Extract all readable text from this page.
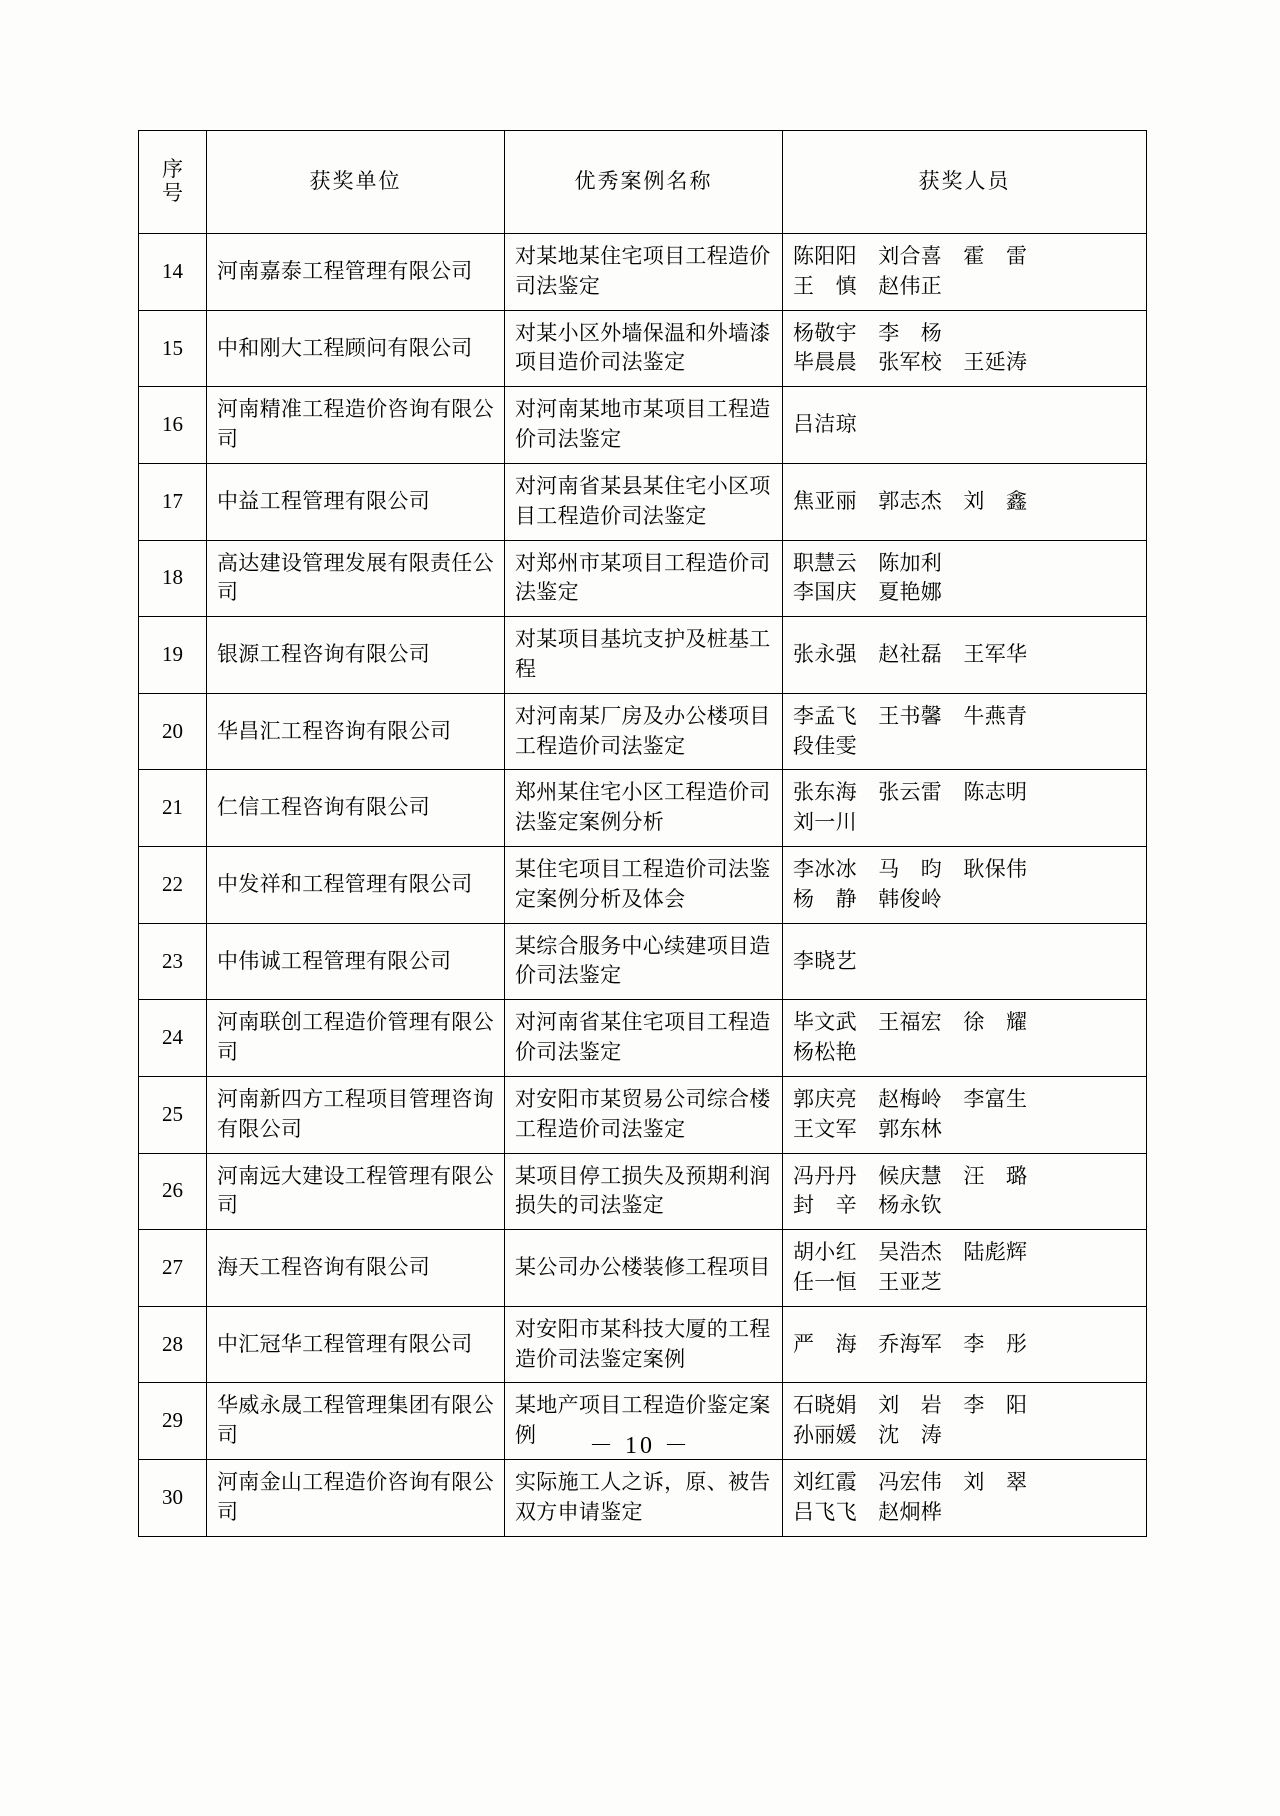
序
号	获奖单位	优秀案例名称	获奖人员
14	河南嘉泰工程管理有限公司	对某地某住宅项目工程造价司法鉴定	陈阳阳　刘合喜　霍　雷
王　慎　赵伟正

15	中和刚大工程顾问有限公司	对某小区外墙保温和外墙漆项目造价司法鉴定	杨敬宇　李　杨
毕晨晨　张军校　王延涛

16	河南精准工程造价咨询有限公司	对河南某地市某项目工程造价司法鉴定	吕洁琼

17	中益工程管理有限公司	对河南省某县某住宅小区项目工程造价司法鉴定	焦亚丽　郭志杰　刘　鑫

18	高达建设管理发展有限责任公司	对郑州市某项目工程造价司法鉴定	职慧云　陈加利
李国庆　夏艳娜

19	银源工程咨询有限公司	对某项目基坑支护及桩基工程	张永强　赵社磊　王军华

20	华昌汇工程咨询有限公司	对河南某厂房及办公楼项目工程造价司法鉴定	李孟飞　王书馨　牛燕青
段佳雯

21	仁信工程咨询有限公司	郑州某住宅小区工程造价司法鉴定案例分析	张东海　张云雷　陈志明
刘一川

22	中发祥和工程管理有限公司	某住宅项目工程造价司法鉴定案例分析及体会	李冰冰　马　昀　耿保伟
杨　静　韩俊岭

23	中伟诚工程管理有限公司	某综合服务中心续建项目造价司法鉴定	李晓艺

24	河南联创工程造价管理有限公司	对河南省某住宅项目工程造价司法鉴定	毕文武　王福宏　徐　耀
杨松艳

25	河南新四方工程项目管理咨询有限公司	对安阳市某贸易公司综合楼工程造价司法鉴定	郭庆亮　赵梅岭　李富生
王文军　郭东林

26	河南远大建设工程管理有限公司	某项目停工损失及预期利润损失的司法鉴定	冯丹丹　候庆慧　汪　璐
封　辛　杨永钦

27	海天工程咨询有限公司	某公司办公楼装修工程项目	胡小红　吴浩杰　陆彪辉
任一恒　王亚芝

28	中汇冠华工程管理有限公司	对安阳市某科技大厦的工程造价司法鉴定案例	严　海　乔海军　李　彤

29	华威永晟工程管理集团有限公司	某地产项目工程造价鉴定案例	石晓娟　刘　岩　李　阳
孙丽媛　沈　涛

30	河南金山工程造价咨询有限公司	实际施工人之诉，原、被告双方申请鉴定	刘红霞　冯宏伟　刘　翠
吕飞飞　赵炯桦
－ 10 －
